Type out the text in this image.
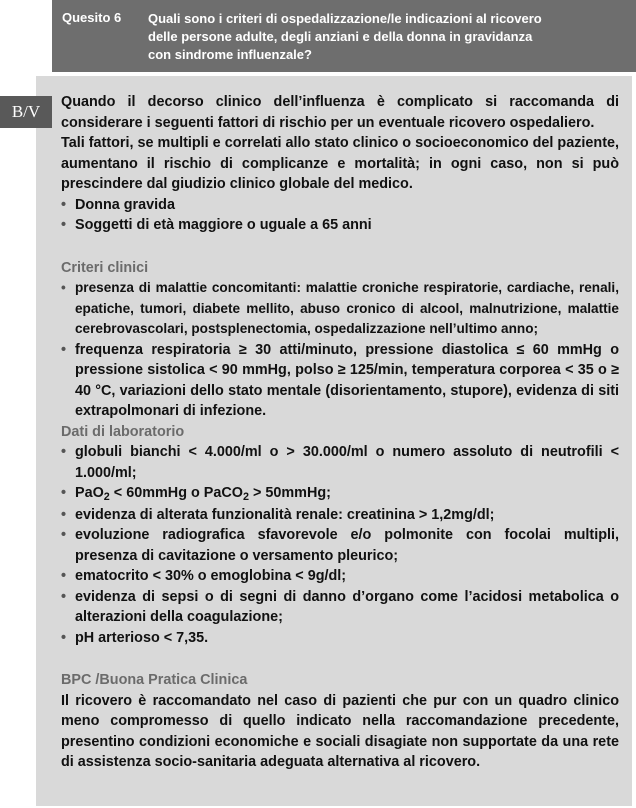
Quesito 6 Quali sono i criteri di ospedalizzazione/le indicazioni al ricovero
delle persone adulte, degli anziani e della donna in gravidanza
con sindrome influenzale?
B/V	Quando il decorso clinico dell’influenza è complicato si raccomanda di considerare i seguenti fattori di rischio per un eventuale ricovero ospedaliero.

Tali fattori, se multipli e correlati allo stato clinico o socioeconomico del paziente, aumentano il rischio di complicanze e mortalità; in ogni caso, non si può prescindere dal giudizio clinico globale del medico.

• Donna gravida
• Soggetti di età maggiore o uguale a 65 anni
Criteri clinici
• presenza di malattie concomitanti: malattie croniche respiratorie, cardiache, renali, epatiche, tumori, diabete mellito, abuso cronico di alcool, malnutrizione, malattie cerebrovascolari, postsplenectomia, ospedalizzazione nell’ultimo anno;
• frequenza respiratoria ≥ 30 atti/minuto, pressione diastolica ≤ 60 mmHg o pressione sistolica < 90 mmHg, polso ≥ 125/min, temperatura corporea < 35 o ≥ 40 °C, variazioni dello stato mentale (disorientamento, stupore), evidenza di siti extrapolmonari di infezione.
Dati di laboratorio
• globuli bianchi < 4.000/ml o > 30.000/ml o numero assoluto di neutrofili < 1.000/ml;
• PaO2 < 60mmHg o PaCO2 > 50mmHg;
• evidenza di alterata funzionalità renale: creatinina > 1,2mg/dl;
• evoluzione radiografica sfavorevole e/o polmonite con focolai multipli, presenza di cavitazione o versamento pleurico;
• ematocrito < 30% o emoglobina < 9g/dl;
• evidenza di sepsi o di segni di danno d’organo come l’acidosi metabolica o alterazioni della coagulazione;
• pH arterioso < 7,35.
BPC /Buona Pratica Clinica

Il ricovero è raccomandato nel caso di pazienti che pur con un quadro clinico meno compromesso di quello indicato nella raccomandazione precedente, presentino condizioni economiche e sociali disagiate non supportate da una rete di assistenza socio-sanitaria adeguata alternativa al ricovero.
